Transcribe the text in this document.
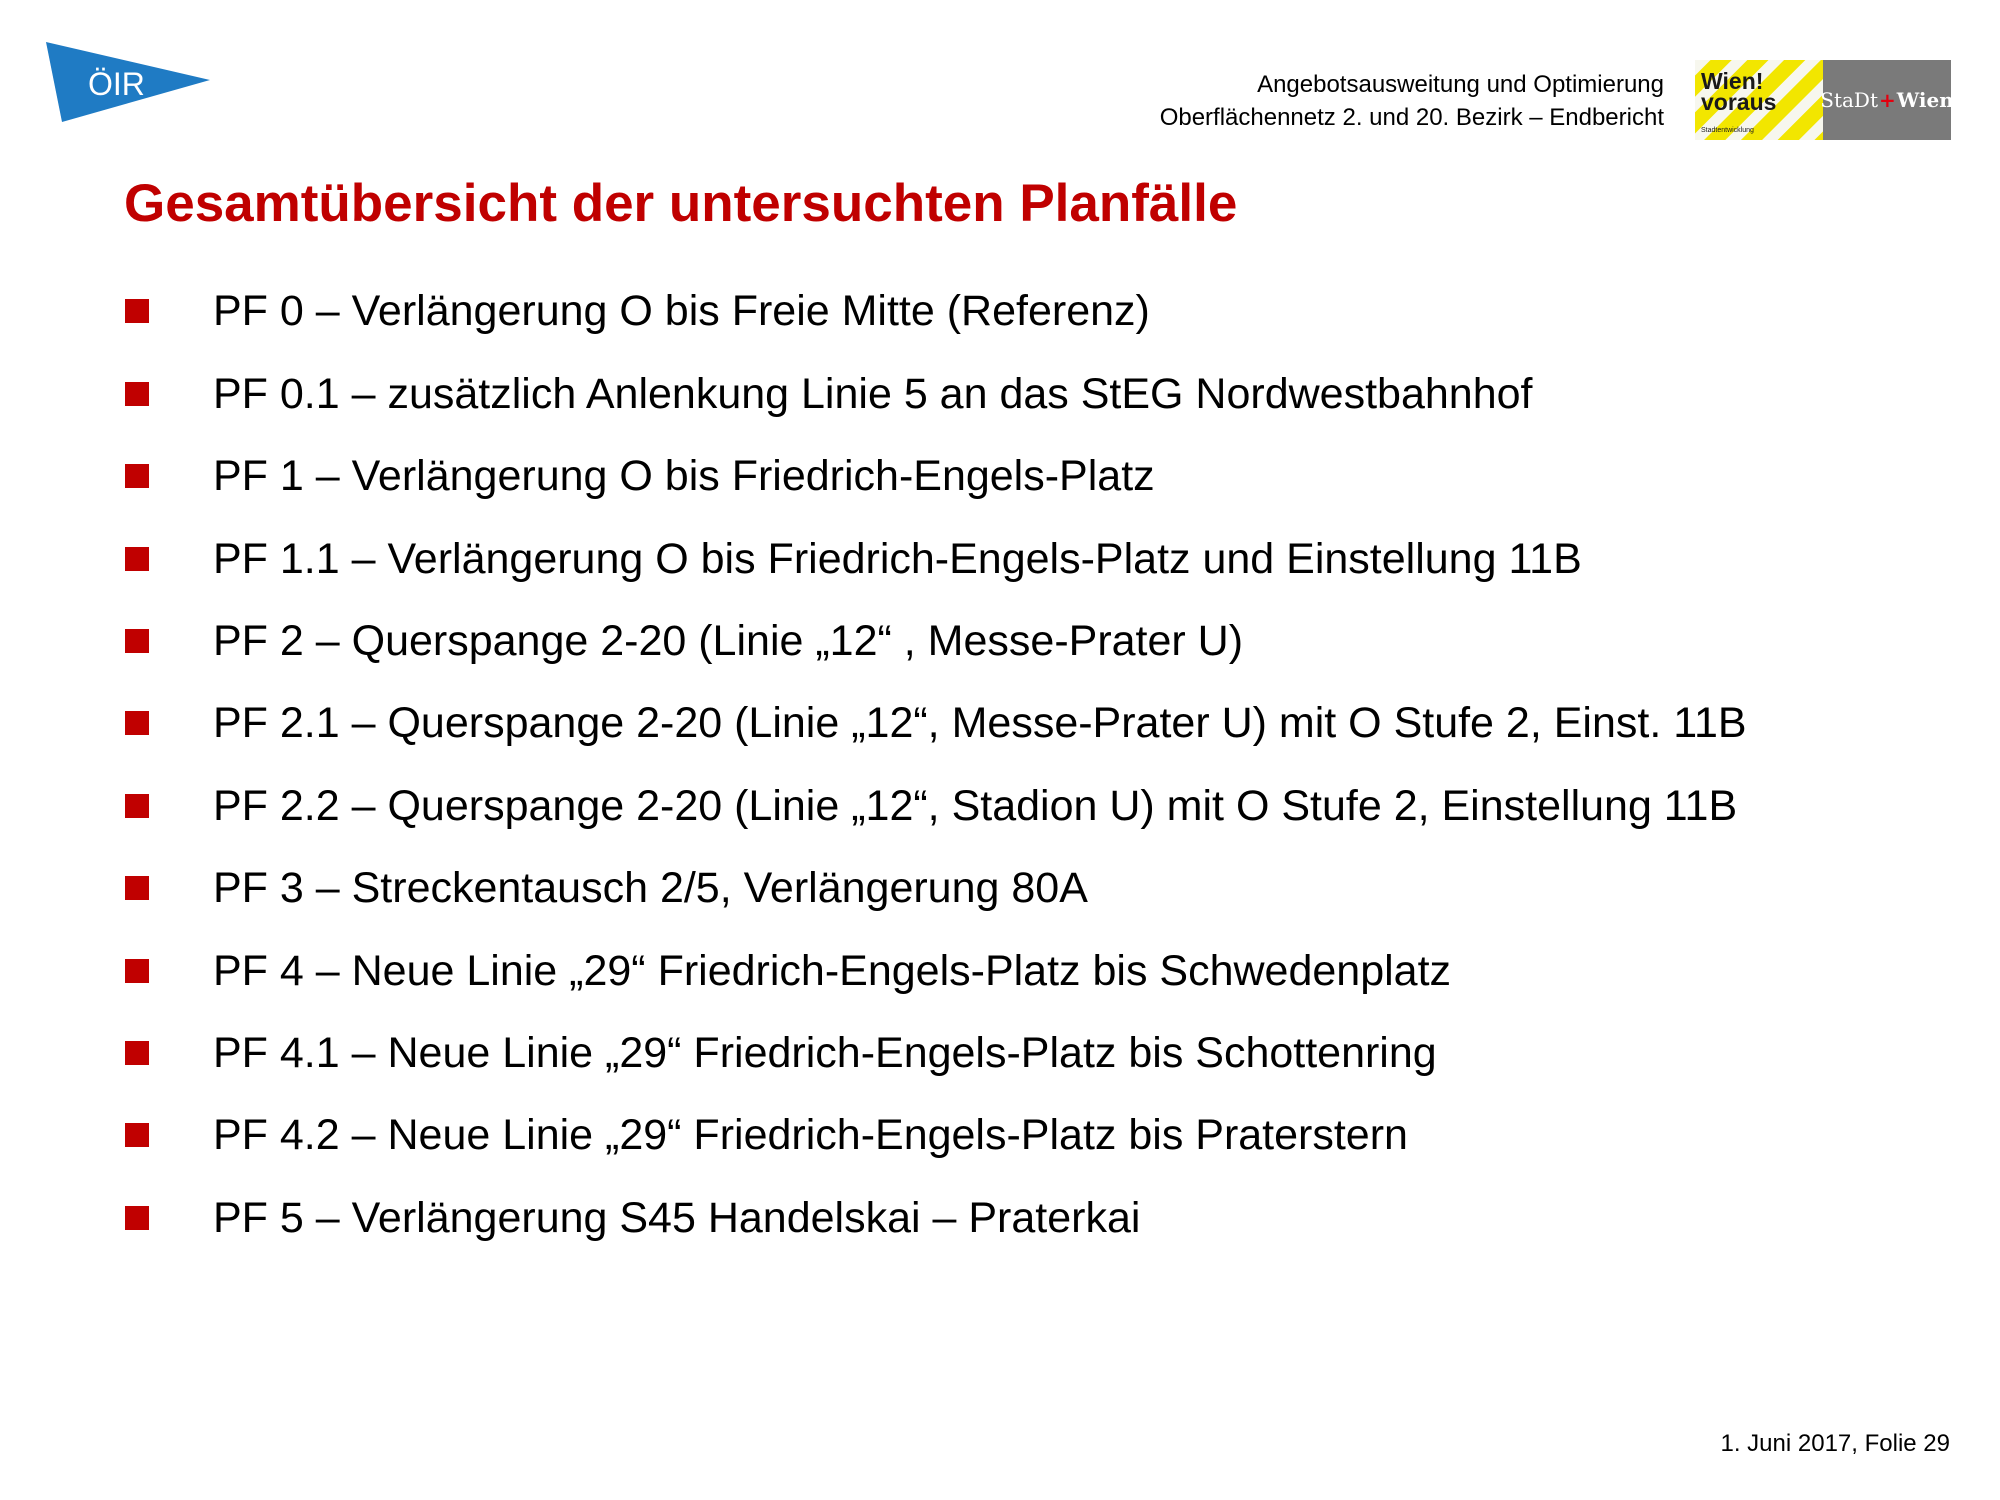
ÖIR	Angebotsausweitung und Optimierung
Oberflächennetz 2. und 20. Bezirk – Endbericht
Wien!
voraus
Stadtentwicklung
StaDt + Wien
Gesamtübersicht der untersuchten Planfälle
PF 0 – Verlängerung O bis Freie Mitte (Referenz)
PF 0.1 – zusätzlich Anlenkung Linie 5 an das StEG Nordwestbahnhof
PF 1 – Verlängerung O bis Friedrich-Engels-Platz
PF 1.1 – Verlängerung O bis Friedrich-Engels-Platz und Einstellung 11B
PF 2 – Querspange 2-20 (Linie „12“ , Messe-Prater U)
PF 2.1 – Querspange 2-20 (Linie „12“, Messe-Prater U) mit O Stufe 2, Einst. 11B
PF 2.2 – Querspange 2-20 (Linie „12“, Stadion U) mit O Stufe 2, Einstellung 11B
PF 3 – Streckentausch 2/5, Verlängerung 80A
PF 4 – Neue Linie „29“ Friedrich-Engels-Platz bis Schwedenplatz
PF 4.1 – Neue Linie „29“ Friedrich-Engels-Platz bis Schottenring
PF 4.2 – Neue Linie „29“ Friedrich-Engels-Platz bis Praterstern
PF 5 – Verlängerung S45 Handelskai – Praterkai
1. Juni 2017, Folie 29
